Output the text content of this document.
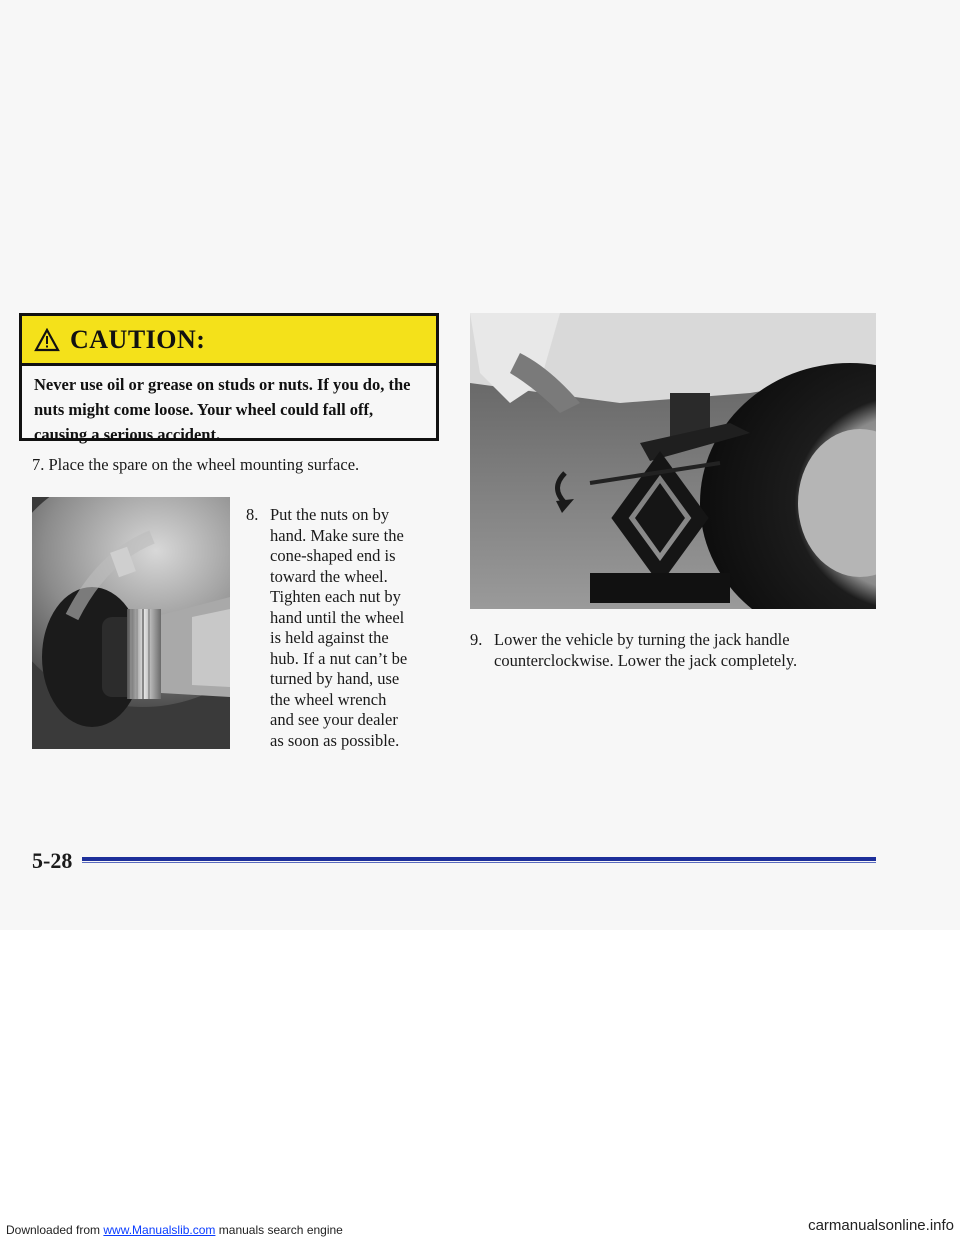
CAUTION:
Never use oil or grease on studs or nuts. If you do, the nuts might come loose. Your wheel could fall off, causing a serious accident.
7. Place the spare on the wheel mounting surface.
8. Put the nuts on by hand. Make sure the cone-shaped end is toward the wheel. Tighten each nut by hand until the wheel is held against the hub. If a nut can’t be turned by hand, use the wheel wrench and see your dealer as soon as possible.
9. Lower the vehicle by turning the jack handle counterclockwise. Lower the jack completely.
5-28
Downloaded from www.Manualslib.com manuals search engine	carmanualsonline.info
